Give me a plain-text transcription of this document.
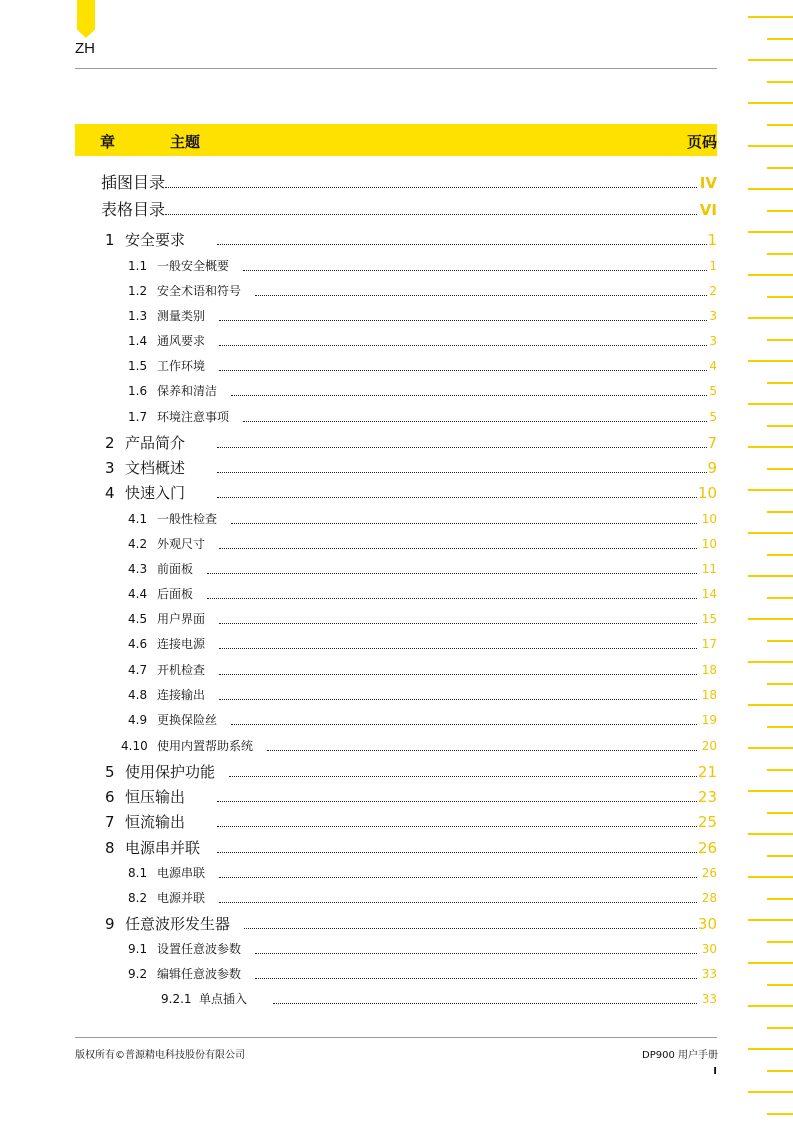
ZH
章	主题	页码
插图目录	IV
表格目录	VI
1 安全要求	1
1.1 一般安全概要	1
1.2 安全术语和符号	2
1.3 测量类别	3
1.4 通风要求	3
1.5 工作环境	4
1.6 保养和清洁	5
1.7 环境注意事项	5
2 产品简介	7
3 文档概述	9
4 快速入门	10
4.1 一般性检查	10
4.2 外观尺寸	10
4.3 前面板	11
4.4 后面板	14
4.5 用户界面	15
4.6 连接电源	17
4.7 开机检查	18
4.8 连接输出	18
4.9 更换保险丝	19
4.10 使用内置帮助系统	20
5 使用保护功能	21
6 恒压输出	23
7 恒流输出	25
8 电源串并联	26
8.1 电源串联	26
8.2 电源并联	28
9 任意波形发生器	30
9.1 设置任意波参数	30
9.2 编辑任意波参数	33
9.2.1 单点插入	33
版权所有©普源精电科技股份有限公司	DP900 用户手册
I
